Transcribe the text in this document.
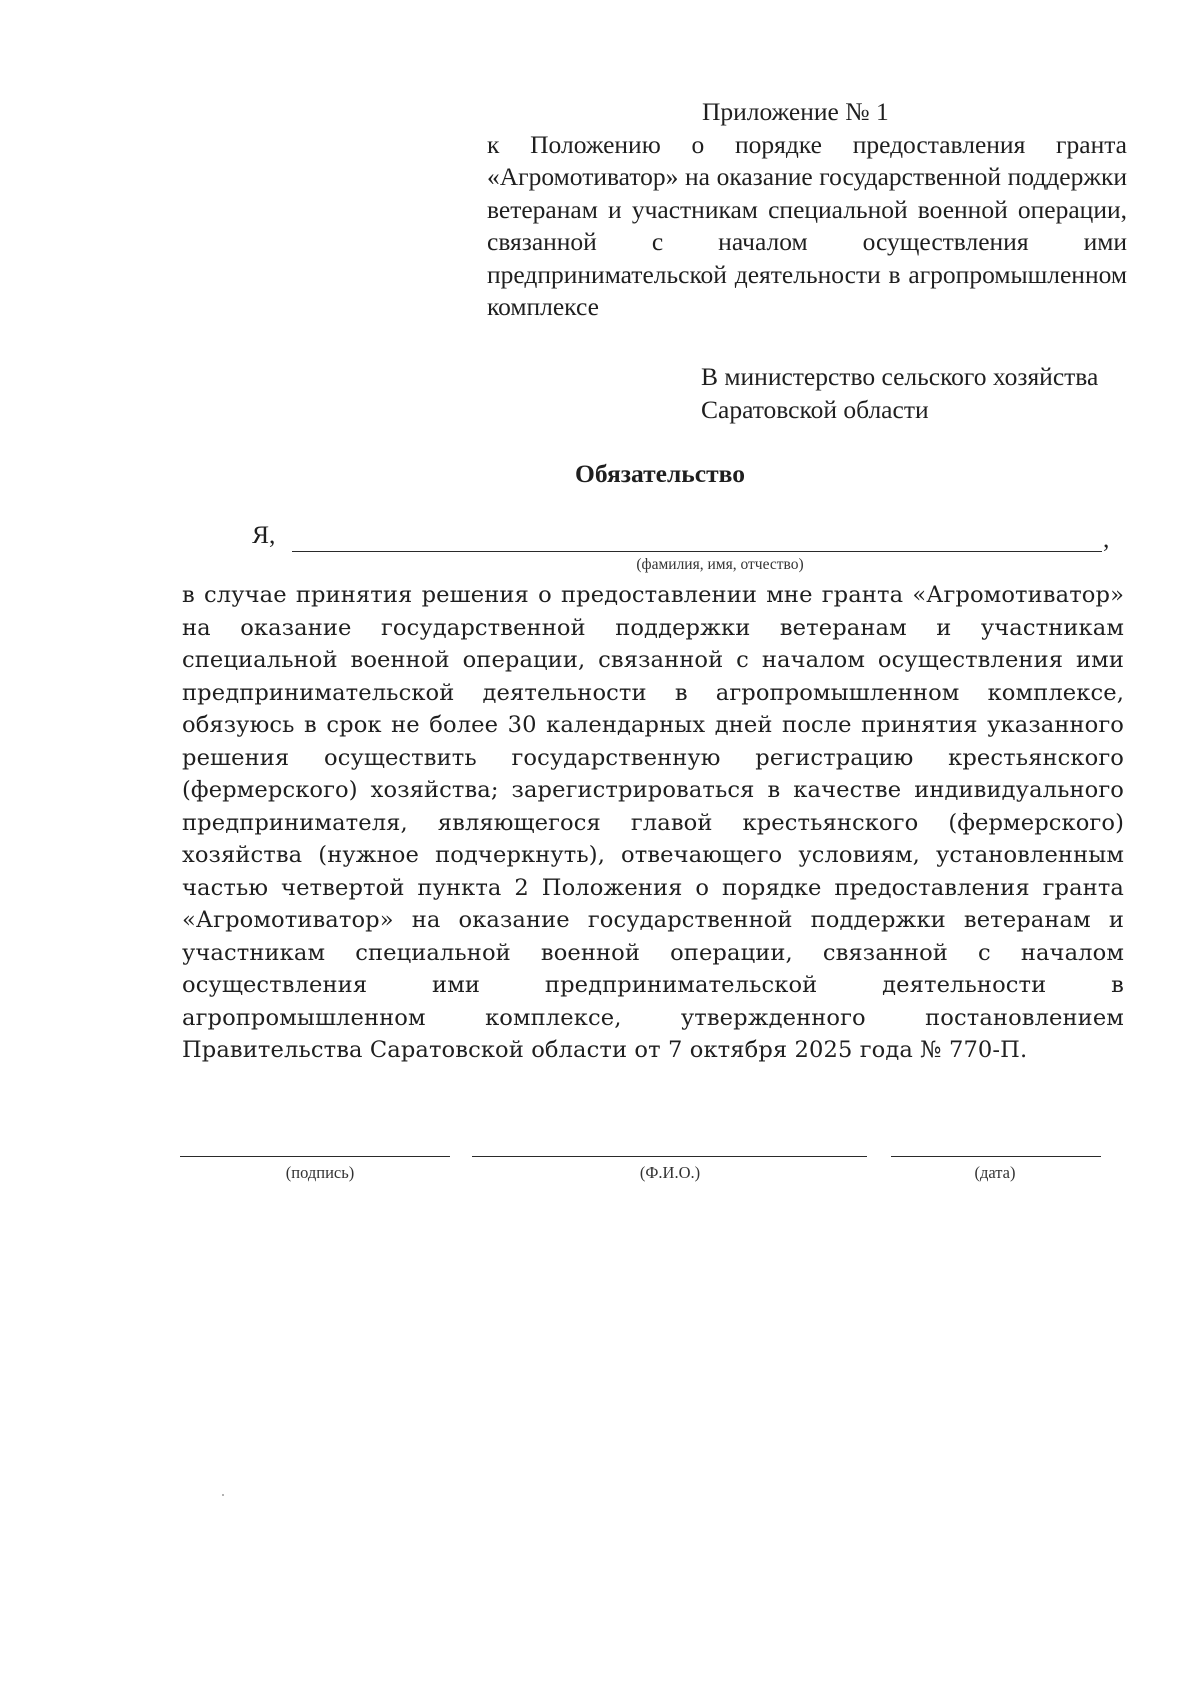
Приложение № 1
к Положению о порядке предоставления гранта «Агромотиватор» на оказание государственной поддержки ветеранам и участникам специальной военной операции, связанной с началом осуществления ими предпринимательской деятельности в агропромышленном комплексе
В министерство сельского хозяйства
Саратовской области
Обязательство
Я,	,
(фамилия, имя, отчество)
в случае принятия решения о предоставлении мне гранта «Агромотиватор» на оказание государственной поддержки ветеранам и участникам специальной военной операции, связанной с началом осуществления ими предпринимательской деятельности в агропромышленном комплексе, обязуюсь в срок не более 30 календарных дней после принятия указанного решения осуществить государственную регистрацию крестьянского (фермерского) хозяйства; зарегистрироваться в качестве индивидуального предпринимателя, являющегося главой крестьянского (фермерского) хозяйства (нужное подчеркнуть), отвечающего условиям, установленным частью четвертой пункта 2 Положения о порядке предоставления гранта «Агромотиватор» на оказание государственной поддержки ветеранам и участникам специальной военной операции, связанной с началом осуществления ими предпринимательской деятельности в агропромышленном комплексе, утвержденного постановлением Правительства Саратовской области от 7 октября 2025 года № 770-П.
(подпись)	(Ф.И.О.)	(дата)
